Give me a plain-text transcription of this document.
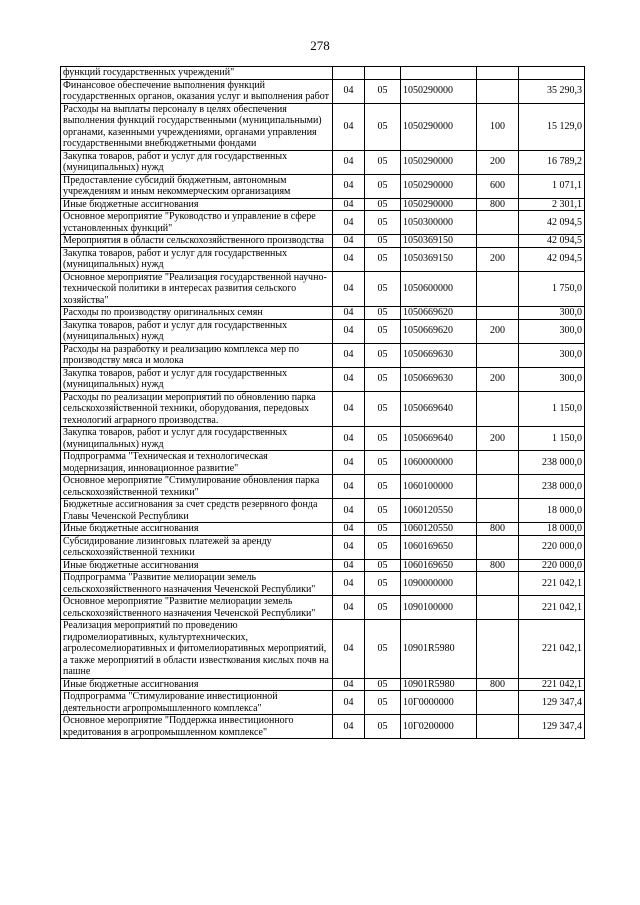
278
функций государственных учреждений"					
Финансовое обеспечение выполнения функций государственных органов, оказания услуг и выполнения работ	04	05	1050290000		35 290,3
Расходы на выплаты персоналу в целях обеспечения выполнения функций государственными (муниципальными) органами, казенными учреждениями, органами управления государственными внебюджетными фондами	04	05	1050290000	100	15 129,0
Закупка товаров, работ и услуг для государственных (муниципальных) нужд	04	05	1050290000	200	16 789,2
Предоставление субсидий бюджетным, автономным учреждениям и иным некоммерческим организациям	04	05	1050290000	600	1 071,1
Иные бюджетные ассигнования	04	05	1050290000	800	2 301,1
Основное мероприятие "Руководство и управление в сфере установленных функций"	04	05	1050300000		42 094,5
Мероприятия в области сельскохозяйственного производства	04	05	1050369150		42 094,5
Закупка товаров, работ и услуг для государственных (муниципальных) нужд	04	05	1050369150	200	42 094,5
Основное мероприятие "Реализация государственной научно-технической политики в интересах развития сельского хозяйства"	04	05	1050600000		1 750,0
Расходы по производству оригинальных семян	04	05	1050669620		300,0
Закупка товаров, работ и услуг для государственных (муниципальных) нужд	04	05	1050669620	200	300,0
Расходы на разработку и реализацию комплекса мер по производству мяса и молока	04	05	1050669630		300,0
Закупка товаров, работ и услуг для государственных (муниципальных) нужд	04	05	1050669630	200	300,0
Расходы по реализации мероприятий по обновлению парка сельскохозяйственной техники, оборудования, передовых технологий аграрного производства.	04	05	1050669640		1 150,0
Закупка товаров, работ и услуг для государственных (муниципальных) нужд	04	05	1050669640	200	1 150,0
Подпрограмма "Техническая и технологическая модернизация, инновационное развитие"	04	05	1060000000		238 000,0
Основное мероприятие "Стимулирование обновления парка сельскохозяйственной техники"	04	05	1060100000		238 000,0
Бюджетные ассигнования за счет средств резервного фонда Главы Чеченской Республики	04	05	1060120550		18 000,0
Иные бюджетные ассигнования	04	05	1060120550	800	18 000,0
Субсидирование лизинговых платежей за аренду сельскохозяйственной техники	04	05	1060169650		220 000,0
Иные бюджетные ассигнования	04	05	1060169650	800	220 000,0
Подпрограмма "Развитие мелиорации земель сельскохозяйственного назначения Чеченской Республики"	04	05	1090000000		221 042,1
Основное мероприятие "Развитие мелиорации земель сельскохозяйственного назначения Чеченской Республики"	04	05	1090100000		221 042,1
Реализация мероприятий по проведению гидромелиоративных, культуртехнических, агролесомелиоративных и фитомелиоративных мероприятий, а также мероприятий в области известкования кислых почв на пашне	04	05	10901R5980		221 042,1
Иные бюджетные ассигнования	04	05	10901R5980	800	221 042,1
Подпрограмма "Стимулирование инвестиционной деятельности агропромышленного комплекса"	04	05	10Г0000000		129 347,4
Основное мероприятие "Поддержка инвестиционного кредитования в агропромышленном комплексе"	04	05	10Г0200000		129 347,4
